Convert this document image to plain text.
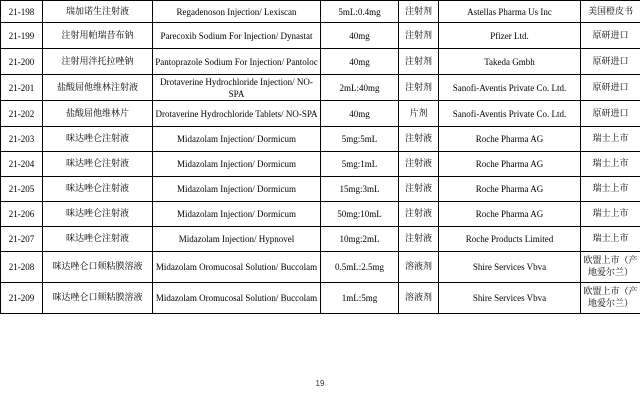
21-198	瑞加诺生注射液	Regadenoson Injection/ Lexiscan	5mL:0.4mg	注射剂	Astellas Pharma Us Inc	美国橙皮书
21-199	注射用帕瑞昔布钠	Parecoxib Sodium For Injection/ Dynastat	40mg	注射剂	Pfizer Ltd.	原研进口
21-200	注射用泮托拉唑钠	Pantoprazole Sodium For Injection/ Pantoloc	40mg	注射剂	Takeda Gmbh	原研进口
21-201	盐酸屈他维林注射液	Drotaverine Hydrochloride Injection/ NO-SPA	2mL:40mg	注射剂	Sanofi-Aventis Private Co. Ltd.	原研进口
21-202	盐酸屈他维林片	Drotaverine Hydrochloride Tablets/ NO-SPA	40mg	片剂	Sanofi-Aventis Private Co. Ltd.	原研进口
21-203	咪达唑仑注射液	Midazolam Injection/ Dormicum	5mg:5mL	注射液	Roche Pharma AG	瑞士上市
21-204	咪达唑仑注射液	Midazolam Injection/ Dormicum	5mg:1mL	注射液	Roche Pharma AG	瑞士上市
21-205	咪达唑仑注射液	Midazolam Injection/ Dormicum	15mg:3mL	注射液	Roche Pharma AG	瑞士上市
21-206	咪达唑仑注射液	Midazolam Injection/ Dormicum	50mg:10mL	注射液	Roche Pharma AG	瑞士上市
21-207	咪达唑仑注射液	Midazolam Injection/ Hypnovel	10mg:2mL	注射液	Roche Products Limited	瑞士上市
21-208	咪达唑仑口颊粘膜溶液	Midazolam Oromucosal Solution/ Buccolam	0.5mL:2.5mg	溶液剂	Shire Services Vbva	欧盟上市（产地爱尔兰）
21-209	咪达唑仑口颊粘膜溶液	Midazolam Oromucosal Solution/ Buccolam	1mL:5mg	溶液剂	Shire Services Vbva	欧盟上市（产地爱尔兰）
19
